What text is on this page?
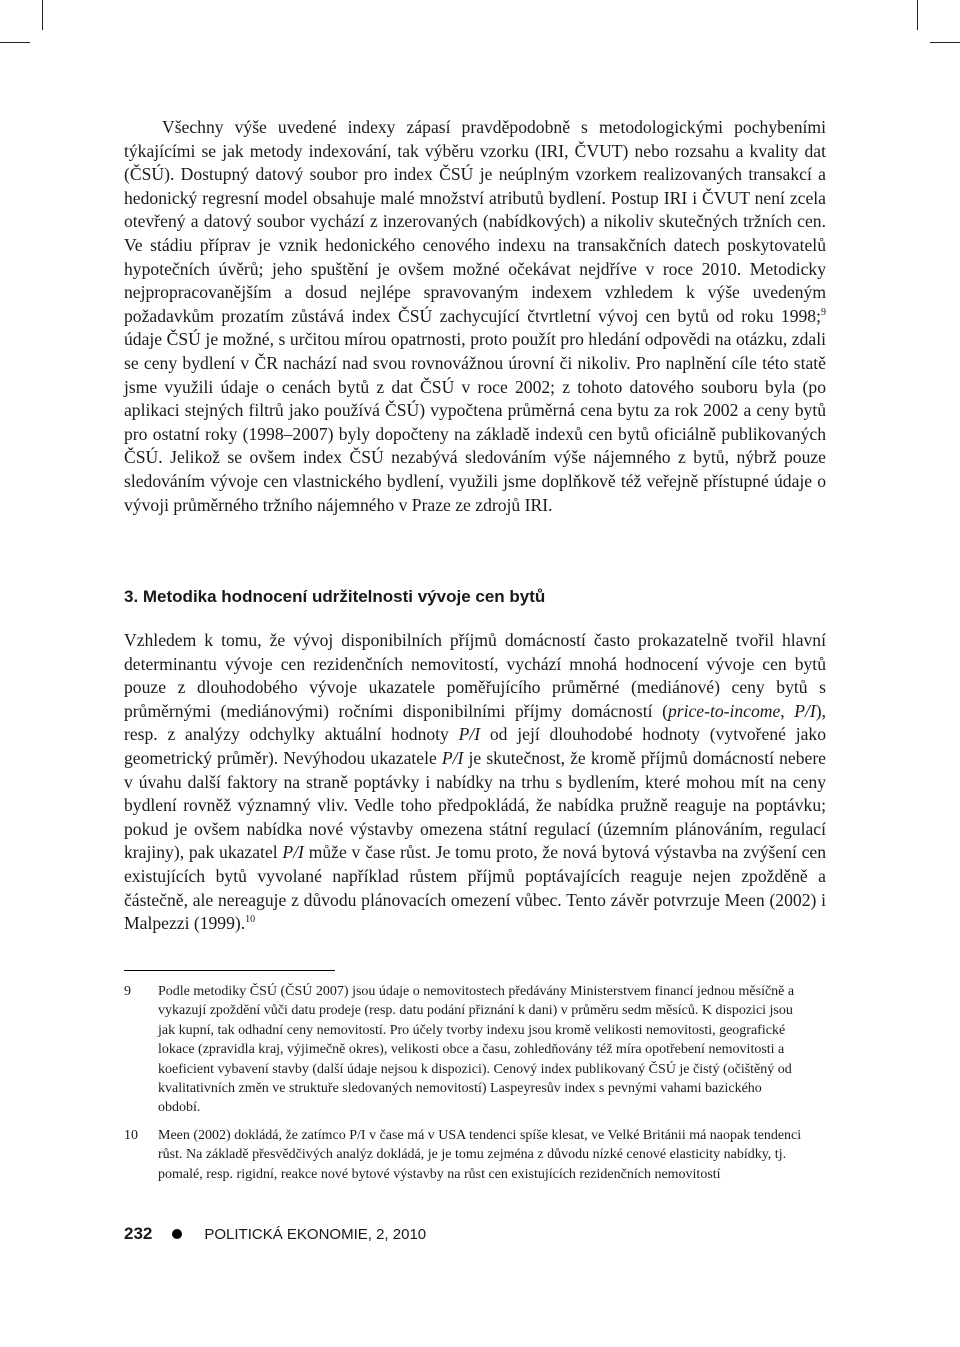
Všechny výše uvedené indexy zápasí pravděpodobně s metodologickými pochybeními týkajícími se jak metody indexování, tak výběru vzorku (IRI, ČVUT) nebo rozsahu a kvality dat (ČSÚ). Dostupný datový soubor pro index ČSÚ je neúplným vzorkem realizovaných transakcí a hedonický regresní model obsahuje malé množství atributů bydlení. Postup IRI i ČVUT není zcela otevřený a datový soubor vychází z inzerovaných (nabídkových) a nikoliv skutečných tržních cen. Ve stádiu příprav je vznik hedonického cenového indexu na transakčních datech poskytovatelů hypotečních úvěrů; jeho spuštění je ovšem možné očekávat nejdříve v roce 2010. Metodicky nejpropracovanějším a dosud nejlépe spravovaným indexem vzhledem k výše uvedeným požadavkům prozatím zůstává index ČSÚ zachycující čtvrtletní vývoj cen bytů od roku 1998;$^9$ údaje ČSÚ je možné, s určitou mírou opatrnosti, proto použít pro hledání odpovědi na otázku, zdali se ceny bydlení v ČR nachází nad svou rovnovážnou úrovní či nikoliv. Pro naplnění cíle této statě jsme využili údaje o cenách bytů z dat ČSÚ v roce 2002; z tohoto datového souboru byla (po aplikaci stejných filtrů jako používá ČSÚ) vypočtena průměrná cena bytu za rok 2002 a ceny bytů pro ostatní roky (1998–2007) byly dopočteny na základě indexů cen bytů oficiálně publikovaných ČSÚ. Jelikož se ovšem index ČSÚ nezabývá sledováním výše nájemného z bytů, nýbrž pouze sledováním vývoje cen vlastnického bydlení, využili jsme doplňkově též veřejně přístupné údaje o vývoji průměrného tržního nájemného v Praze ze zdrojů IRI.

3. Metodika hodnocení udržitelnosti vývoje cen bytů

Vzhledem k tomu, že vývoj disponibilních příjmů domácností často prokazatelně tvořil hlavní determinantu vývoje cen rezidenčních nemovitostí, vychází mnohá hodnocení vývoje cen bytů pouze z dlouhodobého vývoje ukazatele poměřujícího průměrné (mediánové) ceny bytů s průměrnými (mediánovými) ročními disponibilními příjmy domácností (price-to-income, P/I), resp. z analýzy odchylky aktuální hodnoty P/I od její dlouhodobé hodnoty (vytvořené jako geometrický průměr). Nevýhodou ukazatele P/I je skutečnost, že kromě příjmů domácností nebere v úvahu další faktory na straně poptávky i nabídky na trhu s bydlením, které mohou mít na ceny bydlení rovněž významný vliv. Vedle toho předpokládá, že nabídka pružně reaguje na poptávku; pokud je ovšem nabídka nové výstavby omezena státní regulací (územním plánováním, regulací krajiny), pak ukazatel P/I může v čase růst. Je tomu proto, že nová bytová výstavba na zvýšení cen existujících bytů vyvolané například růstem příjmů poptávajících reaguje nejen zpožděně a částečně, ale nereaguje z důvodu plánovacích omezení vůbec. Tento závěr potvrzuje Meen (2002) i Malpezzi (1999).$^{10}$

9 Podle metodiky ČSÚ (ČSÚ 2007) jsou údaje o nemovitostech předávány Ministerstvem financí jednou měsíčně a vykazují zpoždění vůči datu prodeje (resp. datu podání přiznání k dani) v průměru sedm měsíců. K dispozici jsou jak kupní, tak odhadní ceny nemovitostí. Pro účely tvorby indexu jsou kromě velikosti nemovitosti, geografické lokace (zpravidla kraj, výjimečně okres), velikosti obce a času, zohledňovány též míra opotřebení nemovitosti a koeficient vybavení stavby (další údaje nejsou k dispozici). Cenový index publikovaný ČSÚ je čistý (očištěný od kvalitativních změn ve struktuře sledovaných nemovitostí) Laspeyresův index s pevnými vahami bazického období.
10 Meen (2002) dokládá, že zatímco P/I v čase má v USA tendenci spíše klesat, ve Velké Británii má naopak tendenci růst. Na základě přesvědčivých analýz dokládá, je je tomu zejména z důvodu nízké cenové elasticity nabídky, tj. pomalé, resp. rigidní, reakce nové bytové výstavby na růst cen existujících rezidenčních nemovitostí
232	POLITICKÁ EKONOMIE, 2, 2010
